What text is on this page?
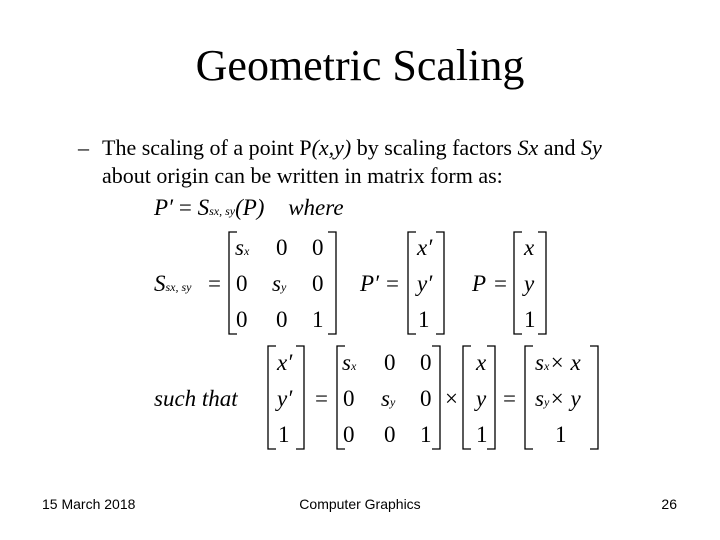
Geometric Scaling
– The scaling of a point P(x,y) by scaling factors Sx and Sy
about origin can be written in matrix form as:
P′ = Ssx, sy(P) where
Ssx, sy =
sx 0 0
0 sy 0
0 0 1
P′ =
x′
y′
1
P =
x
y
1
such that
x′
y′
1
=
sx 0 0
0 sy 0
0 0 1
×
x
y
1
=
sx× x
sy× y
1
15 March 2018	Computer Graphics	26
